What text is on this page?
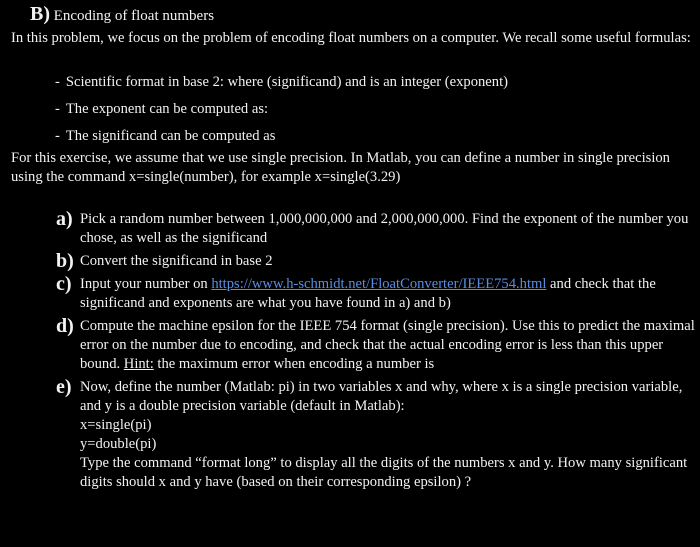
B) Encoding of float numbers
In this problem, we focus on the problem of encoding float numbers on a computer. We recall some useful formulas:
- Scientific format in base 2: where (significand) and is an integer (exponent)
- The exponent can be computed as:
- The significand can be computed as
For this exercise, we assume that we use single precision. In Matlab, you can define a number in single precision using the command x=single(number), for example x=single(3.29)
a) Pick a random number between 1,000,000,000 and 2,000,000,000. Find the exponent of the number you chose, as well as the significand
b) Convert the significand in base 2
c) Input your number on https://www.h-schmidt.net/FloatConverter/IEEE754.html and check that the significand and exponents are what you have found in a) and b)
d) Compute the machine epsilon for the IEEE 754 format (single precision). Use this to predict the maximal error on the number due to encoding, and check that the actual encoding error is less than this upper bound. Hint: the maximum error when encoding a number is
e) Now, define the number (Matlab: pi) in two variables x and why, where x is a single precision variable, and y is a double precision variable (default in Matlab):
x=single(pi)
y=double(pi)
Type the command “format long” to display all the digits of the numbers x and y. How many significant digits should x and y have (based on their corresponding epsilon) ?
